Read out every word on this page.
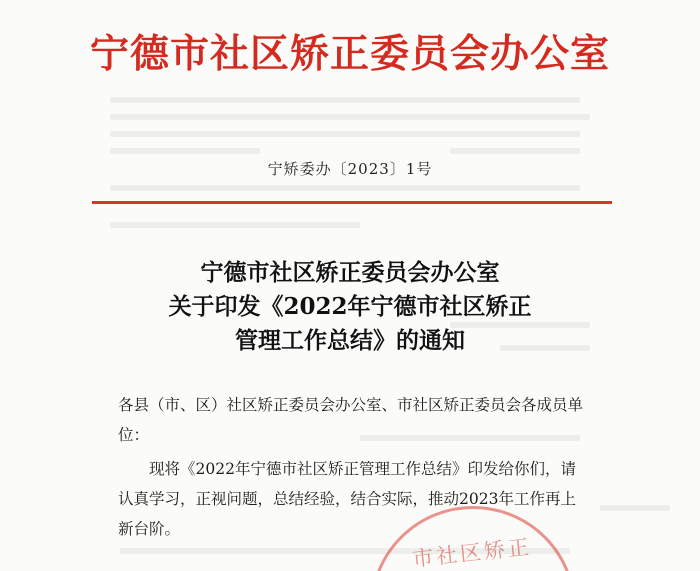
宁德市社区矫正委员会办公室
宁矫委办〔2023〕1号
宁德市社区矫正委员会办公室
关于印发《2022年宁德市社区矫正
管理工作总结》的通知
各县（市、区）社区矫正委员会办公室、市社区矫正委员会各成员单位：
现将《2022年宁德市社区矫正管理工作总结》印发给你们，请认真学习，正视问题，总结经验，结合实际，推动2023年工作再上新台阶。
市社区矫正
